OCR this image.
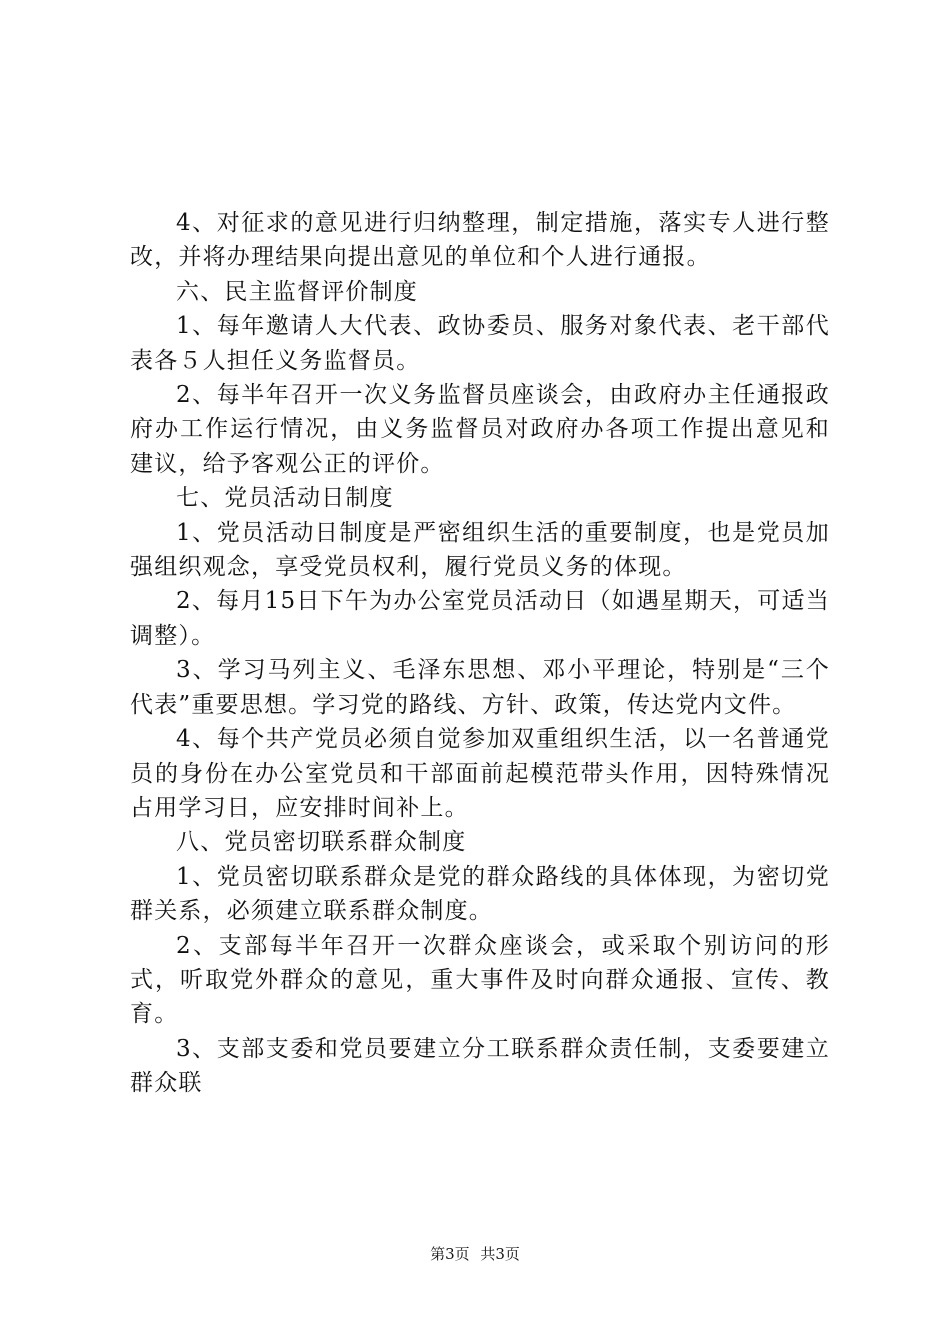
4、对征求的意见进行归纳整理，制定措施，落实专人进行整改，并将办理结果向提出意见的单位和个人进行通报。

六、民主监督评价制度

1、每年邀请人大代表、政协委员、服务对象代表、老干部代表各５人担任义务监督员。

2、每半年召开一次义务监督员座谈会，由政府办主任通报政府办工作运行情况，由义务监督员对政府办各项工作提出意见和建议，给予客观公正的评价。

七、党员活动日制度

1、党员活动日制度是严密组织生活的重要制度，也是党员加强组织观念，享受党员权利，履行党员义务的体现。

2、每月15日下午为办公室党员活动日（如遇星期天，可适当调整）。

3、学习马列主义、毛泽东思想、邓小平理论，特别是“三个代表”重要思想。学习党的路线、方针、政策，传达党内文件。

4、每个共产党员必须自觉参加双重组织生活，以一名普通党员的身份在办公室党员和干部面前起模范带头作用，因特殊情况占用学习日，应安排时间补上。

八、党员密切联系群众制度

1、党员密切联系群众是党的群众路线的具体体现，为密切党群关系，必须建立联系群众制度。

2、支部每半年召开一次群众座谈会，或采取个别访问的形式，听取党外群众的意见，重大事件及时向群众通报、宣传、教育。

3、支部支委和党员要建立分工联系群众责任制，支委要建立群众联

第3页 共3页
